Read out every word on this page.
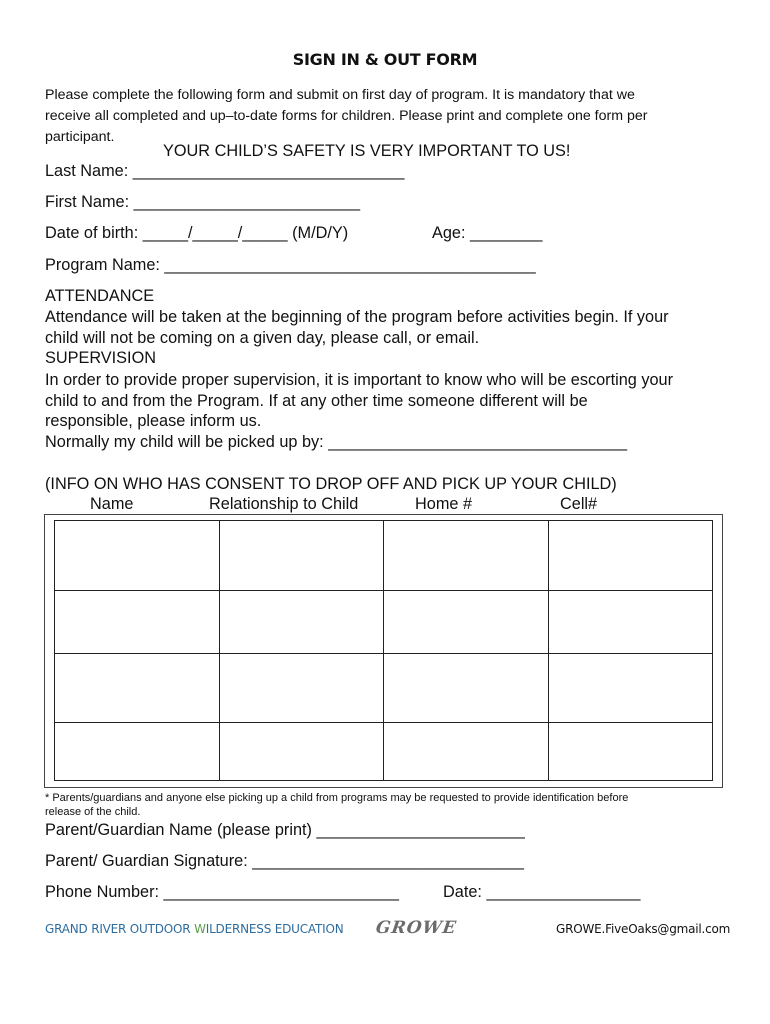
SIGN IN & OUT FORM
Please complete the following form and submit on first day of program. It is mandatory that we
receive all completed and up–to-date forms for children. Please print and complete one form per
participant.
YOUR CHILD’S SAFETY IS VERY IMPORTANT TO US!
Last Name: ______________________________
First Name: _________________________
Date of birth: _____/_____/_____ (M/D/Y)	Age: ________
Program Name: _________________________________________
ATTENDANCE
Attendance will be taken at the beginning of the program before activities begin. If your
child will not be coming on a given day, please call, or email.
SUPERVISION
In order to provide proper supervision, it is important to know who will be escorting your
child to and from the Program. If at any other time someone different will be
responsible, please inform us.
Normally my child will be picked up by: _________________________________
(INFO ON WHO HAS CONSENT TO DROP OFF AND PICK UP YOUR CHILD)
Name	Relationship to Child	Home #	Cell#

* Parents/guardians and anyone else picking up a child from programs may be requested to provide identification before
release of the child.
Parent/Guardian Name (please print) _______________________
Parent/ Guardian Signature: ______________________________
Phone Number: __________________________	Date: _________________
GRAND RIVER OUTDOOR WILDERNESS EDUCATION GROWE	GROWE.FiveOaks@gmail.com
